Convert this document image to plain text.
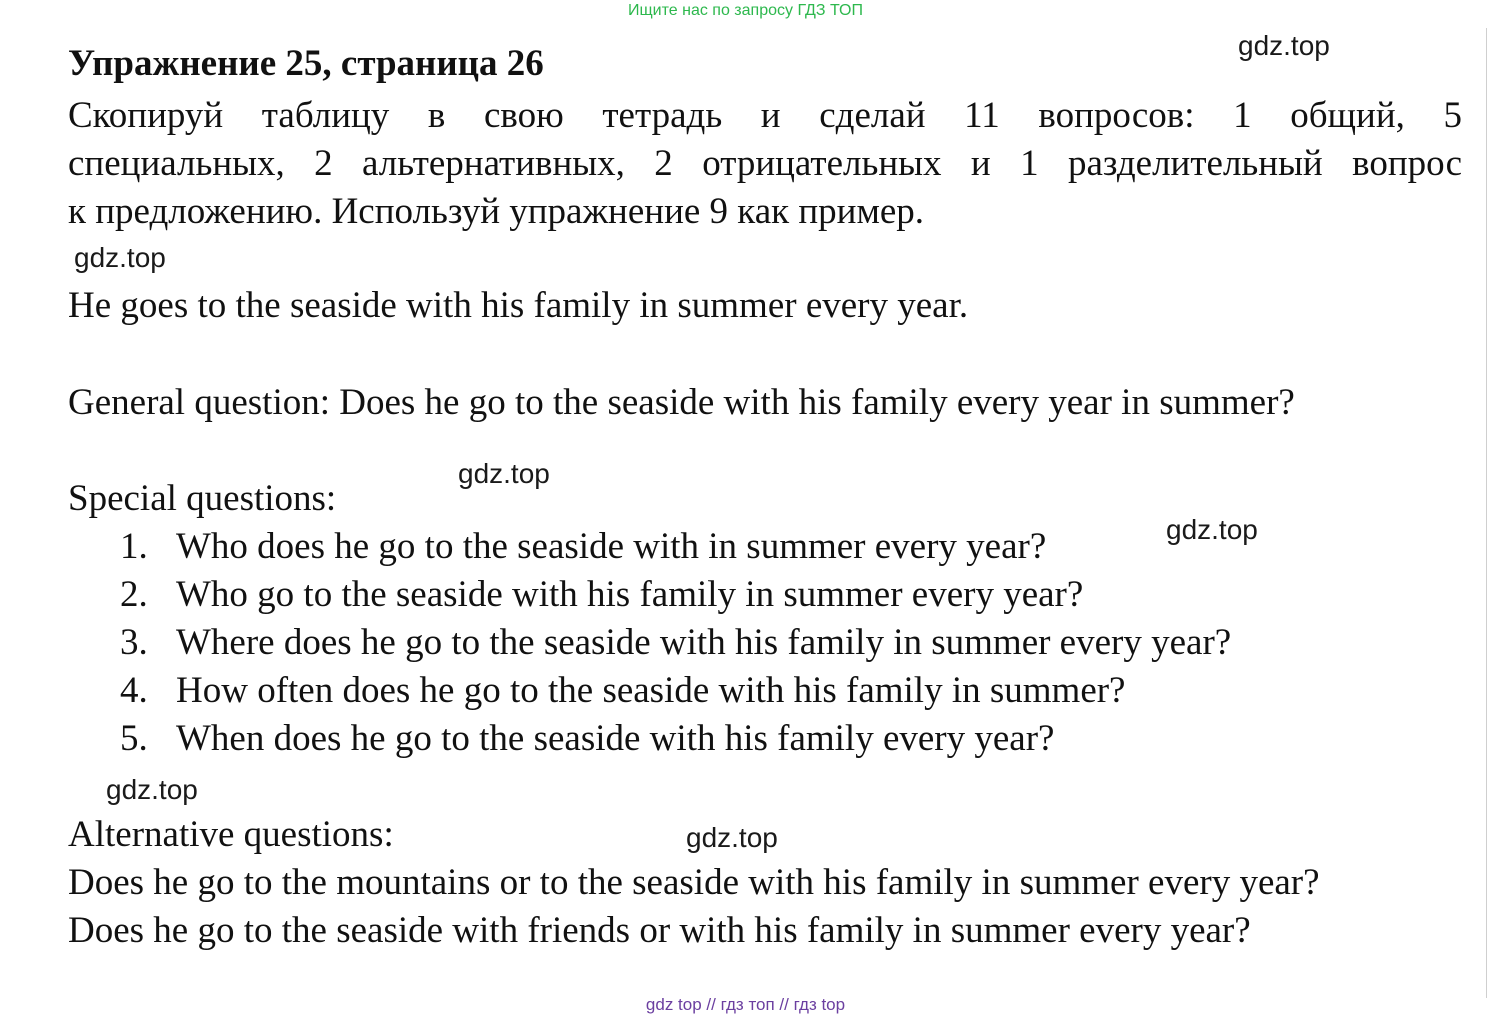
Ищите нас по запросу ГДЗ ТОП
gdz.top
gdz.top
gdz.top
gdz.top
gdz.top
gdz.top
Упражнение 25, страница 26
Скопируй таблицу в свою тетрадь и сделай 11 вопросов: 1 общий, 5
специальных, 2 альтернативных, 2 отрицательных и 1 разделительный вопрос
к предложению. Используй упражнение 9 как пример.
He goes to the seaside with his family in summer every year.
General question: Does he go to the seaside with his family every year in summer?
Special questions:
1. Who does he go to the seaside with in summer every year?
2. Who go to the seaside with his family in summer every year?
3. Where does he go to the seaside with his family in summer every year?
4. How often does he go to the seaside with his family in summer?
5. When does he go to the seaside with his family every year?
Alternative questions:
Does he go to the mountains or to the seaside with his family in summer every year?
Does he go to the seaside with friends or with his family in summer every year?
gdz top // гдз топ // гдз top
